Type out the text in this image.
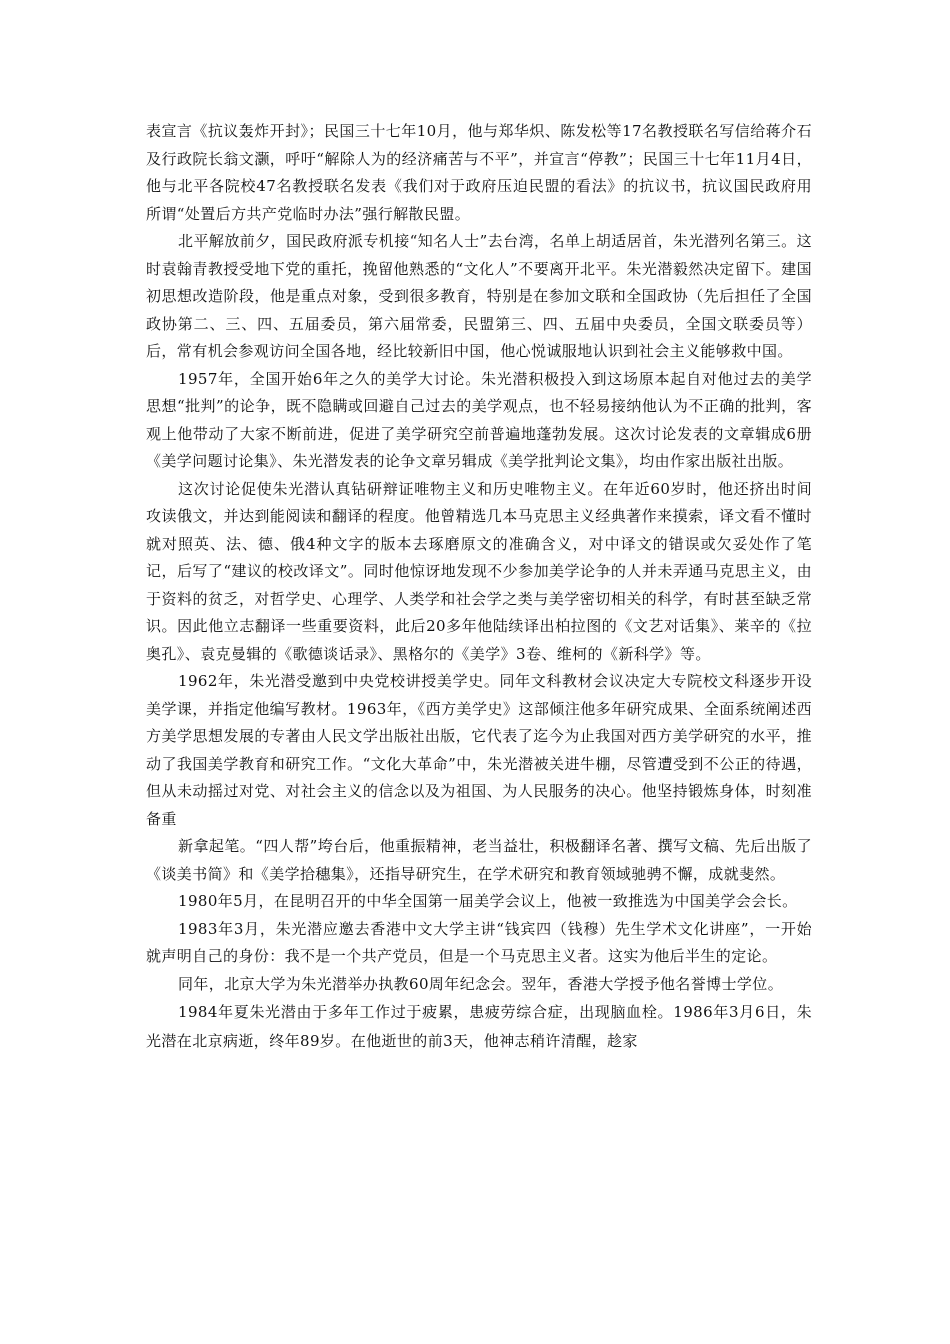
表宣言《抗议轰炸开封》；民国三十七年10月，他与郑华炽、陈发松等17名教授联名写信给蒋介石及行政院长翁文灏，呼吁“解除人为的经济痛苦与不平”，并宣言“停教”；民国三十七年11月4日，他与北平各院校47名教授联名发表《我们对于政府压迫民盟的看法》的抗议书，抗议国民政府用所谓“处置后方共产党临时办法”强行解散民盟。

北平解放前夕，国民政府派专机接“知名人士”去台湾，名单上胡适居首，朱光潜列名第三。这时袁翰青教授受地下党的重托，挽留他熟悉的“文化人”不要离开北平。朱光潜毅然决定留下。建国初思想改造阶段，他是重点对象，受到很多教育，特别是在参加文联和全国政协（先后担任了全国政协第二、三、四、五届委员，第六届常委，民盟第三、四、五届中央委员，全国文联委员等）后，常有机会参观访问全国各地，经比较新旧中国，他心悦诚服地认识到社会主义能够救中国。

1957年，全国开始6年之久的美学大讨论。朱光潜积极投入到这场原本起自对他过去的美学思想“批判”的论争，既不隐瞒或回避自己过去的美学观点，也不轻易接纳他认为不正确的批判，客观上他带动了大家不断前进，促进了美学研究空前普遍地蓬勃发展。这次讨论发表的文章辑成6册《美学问题讨论集》、朱光潜发表的论争文章另辑成《美学批判论文集》，均由作家出版社出版。

这次讨论促使朱光潜认真钻研辩证唯物主义和历史唯物主义。在年近60岁时，他还挤出时间攻读俄文，并达到能阅读和翻译的程度。他曾精选几本马克思主义经典著作来摸索，译文看不懂时就对照英、法、德、俄4种文字的版本去琢磨原文的准确含义，对中译文的错误或欠妥处作了笔记，后写了“建议的校改译文”。同时他惊讶地发现不少参加美学论争的人并未弄通马克思主义，由于资料的贫乏，对哲学史、心理学、人类学和社会学之类与美学密切相关的科学，有时甚至缺乏常识。因此他立志翻译一些重要资料，此后20多年他陆续译出柏拉图的《文艺对话集》、莱辛的《拉奥孔》、袁克曼辑的《歌德谈话录》、黑格尔的《美学》3卷、维柯的《新科学》等。

1962年，朱光潜受邀到中央党校讲授美学史。同年文科教材会议决定大专院校文科逐步开设美学课，并指定他编写教材。1963年，《西方美学史》这部倾注他多年研究成果、全面系统阐述西方美学思想发展的专著由人民文学出版社出版，它代表了迄今为止我国对西方美学研究的水平，推动了我国美学教育和研究工作。“文化大革命”中，朱光潜被关进牛棚，尽管遭受到不公正的待遇，但从未动摇过对党、对社会主义的信念以及为祖国、为人民服务的决心。他坚持锻炼身体，时刻准备重

新拿起笔。“四人帮”垮台后，他重振精神，老当益壮，积极翻译名著、撰写文稿、先后出版了《谈美书简》和《美学拾穗集》，还指导研究生，在学术研究和教育领域驰骋不懈，成就斐然。

1980年5月，在昆明召开的中华全国第一届美学会议上，他被一致推选为中国美学会会长。

1983年3月，朱光潜应邀去香港中文大学主讲“钱宾四（钱穆）先生学术文化讲座”，一开始就声明自己的身份：我不是一个共产党员，但是一个马克思主义者。这实为他后半生的定论。

同年，北京大学为朱光潜举办执教60周年纪念会。翌年，香港大学授予他名誉博士学位。

1984年夏朱光潜由于多年工作过于疲累，患疲劳综合症，出现脑血栓。1986年3月6日，朱光潜在北京病逝，终年89岁。在他逝世的前3天，他神志稍许清醒，趁家
